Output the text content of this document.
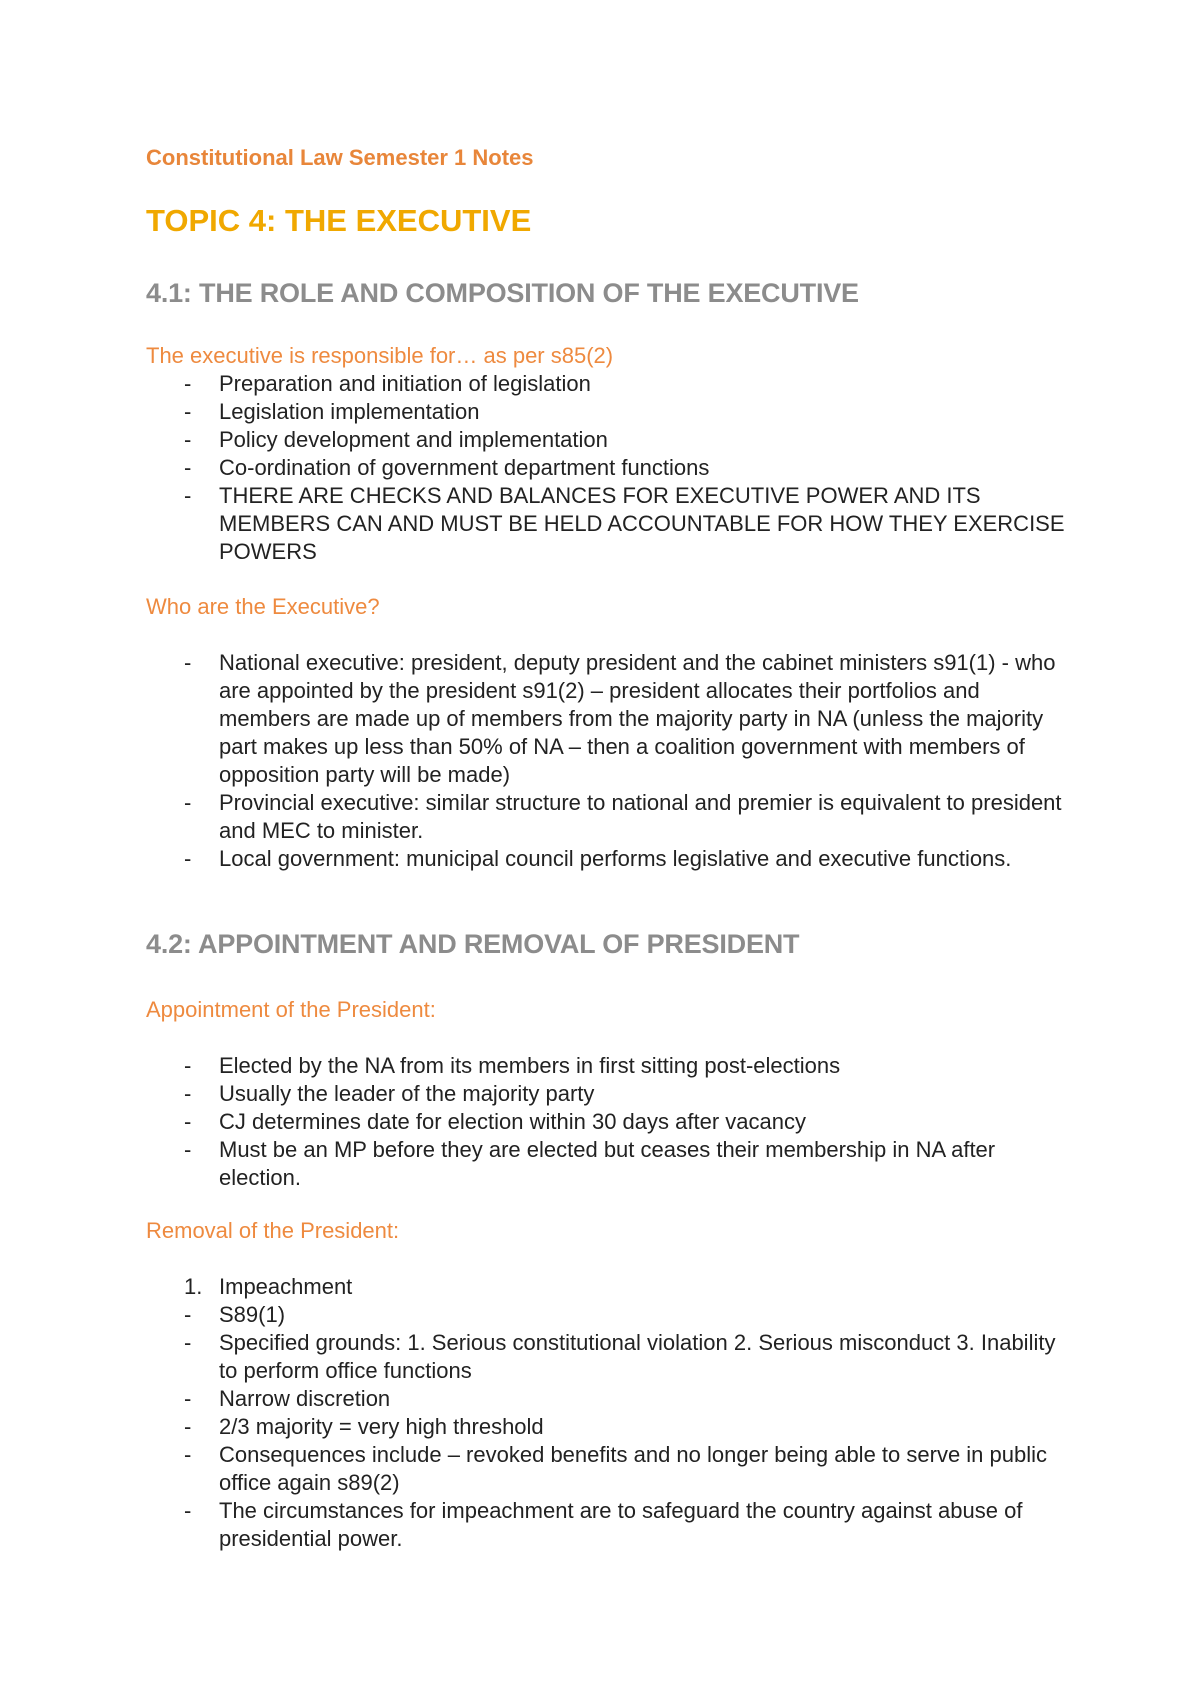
Constitutional Law Semester 1 Notes
TOPIC 4: THE EXECUTIVE
4.1: THE ROLE AND COMPOSITION OF THE EXECUTIVE
The executive is responsible for… as per s85(2)
-	Preparation and initiation of legislation
-	Legislation implementation
-	Policy development and implementation
-	Co-ordination of government department functions
-	THERE ARE CHECKS AND BALANCES FOR EXECUTIVE POWER AND ITS MEMBERS CAN AND MUST BE HELD ACCOUNTABLE FOR HOW THEY EXERCISE POWERS
Who are the Executive?
-	National executive: president, deputy president and the cabinet ministers s91(1) - who are appointed by the president s91(2) – president allocates their portfolios and members are made up of members from the majority party in NA (unless the majority part makes up less than 50% of NA – then a coalition government with members of opposition party will be made)
-	Provincial executive: similar structure to national and premier is equivalent to president and MEC to minister.
-	Local government: municipal council performs legislative and executive functions.
4.2: APPOINTMENT AND REMOVAL OF PRESIDENT
Appointment of the President:
-	Elected by the NA from its members in first sitting post-elections
-	Usually the leader of the majority party
-	CJ determines date for election within 30 days after vacancy
-	Must be an MP before they are elected but ceases their membership in NA after election.
Removal of the President:
1. Impeachment
-	S89(1)
-	Specified grounds: 1. Serious constitutional violation 2. Serious misconduct 3. Inability to perform office functions
-	Narrow discretion
-	2/3 majority = very high threshold
-	Consequences include – revoked benefits and no longer being able to serve in public office again s89(2)
-	The circumstances for impeachment are to safeguard the country against abuse of presidential power.
